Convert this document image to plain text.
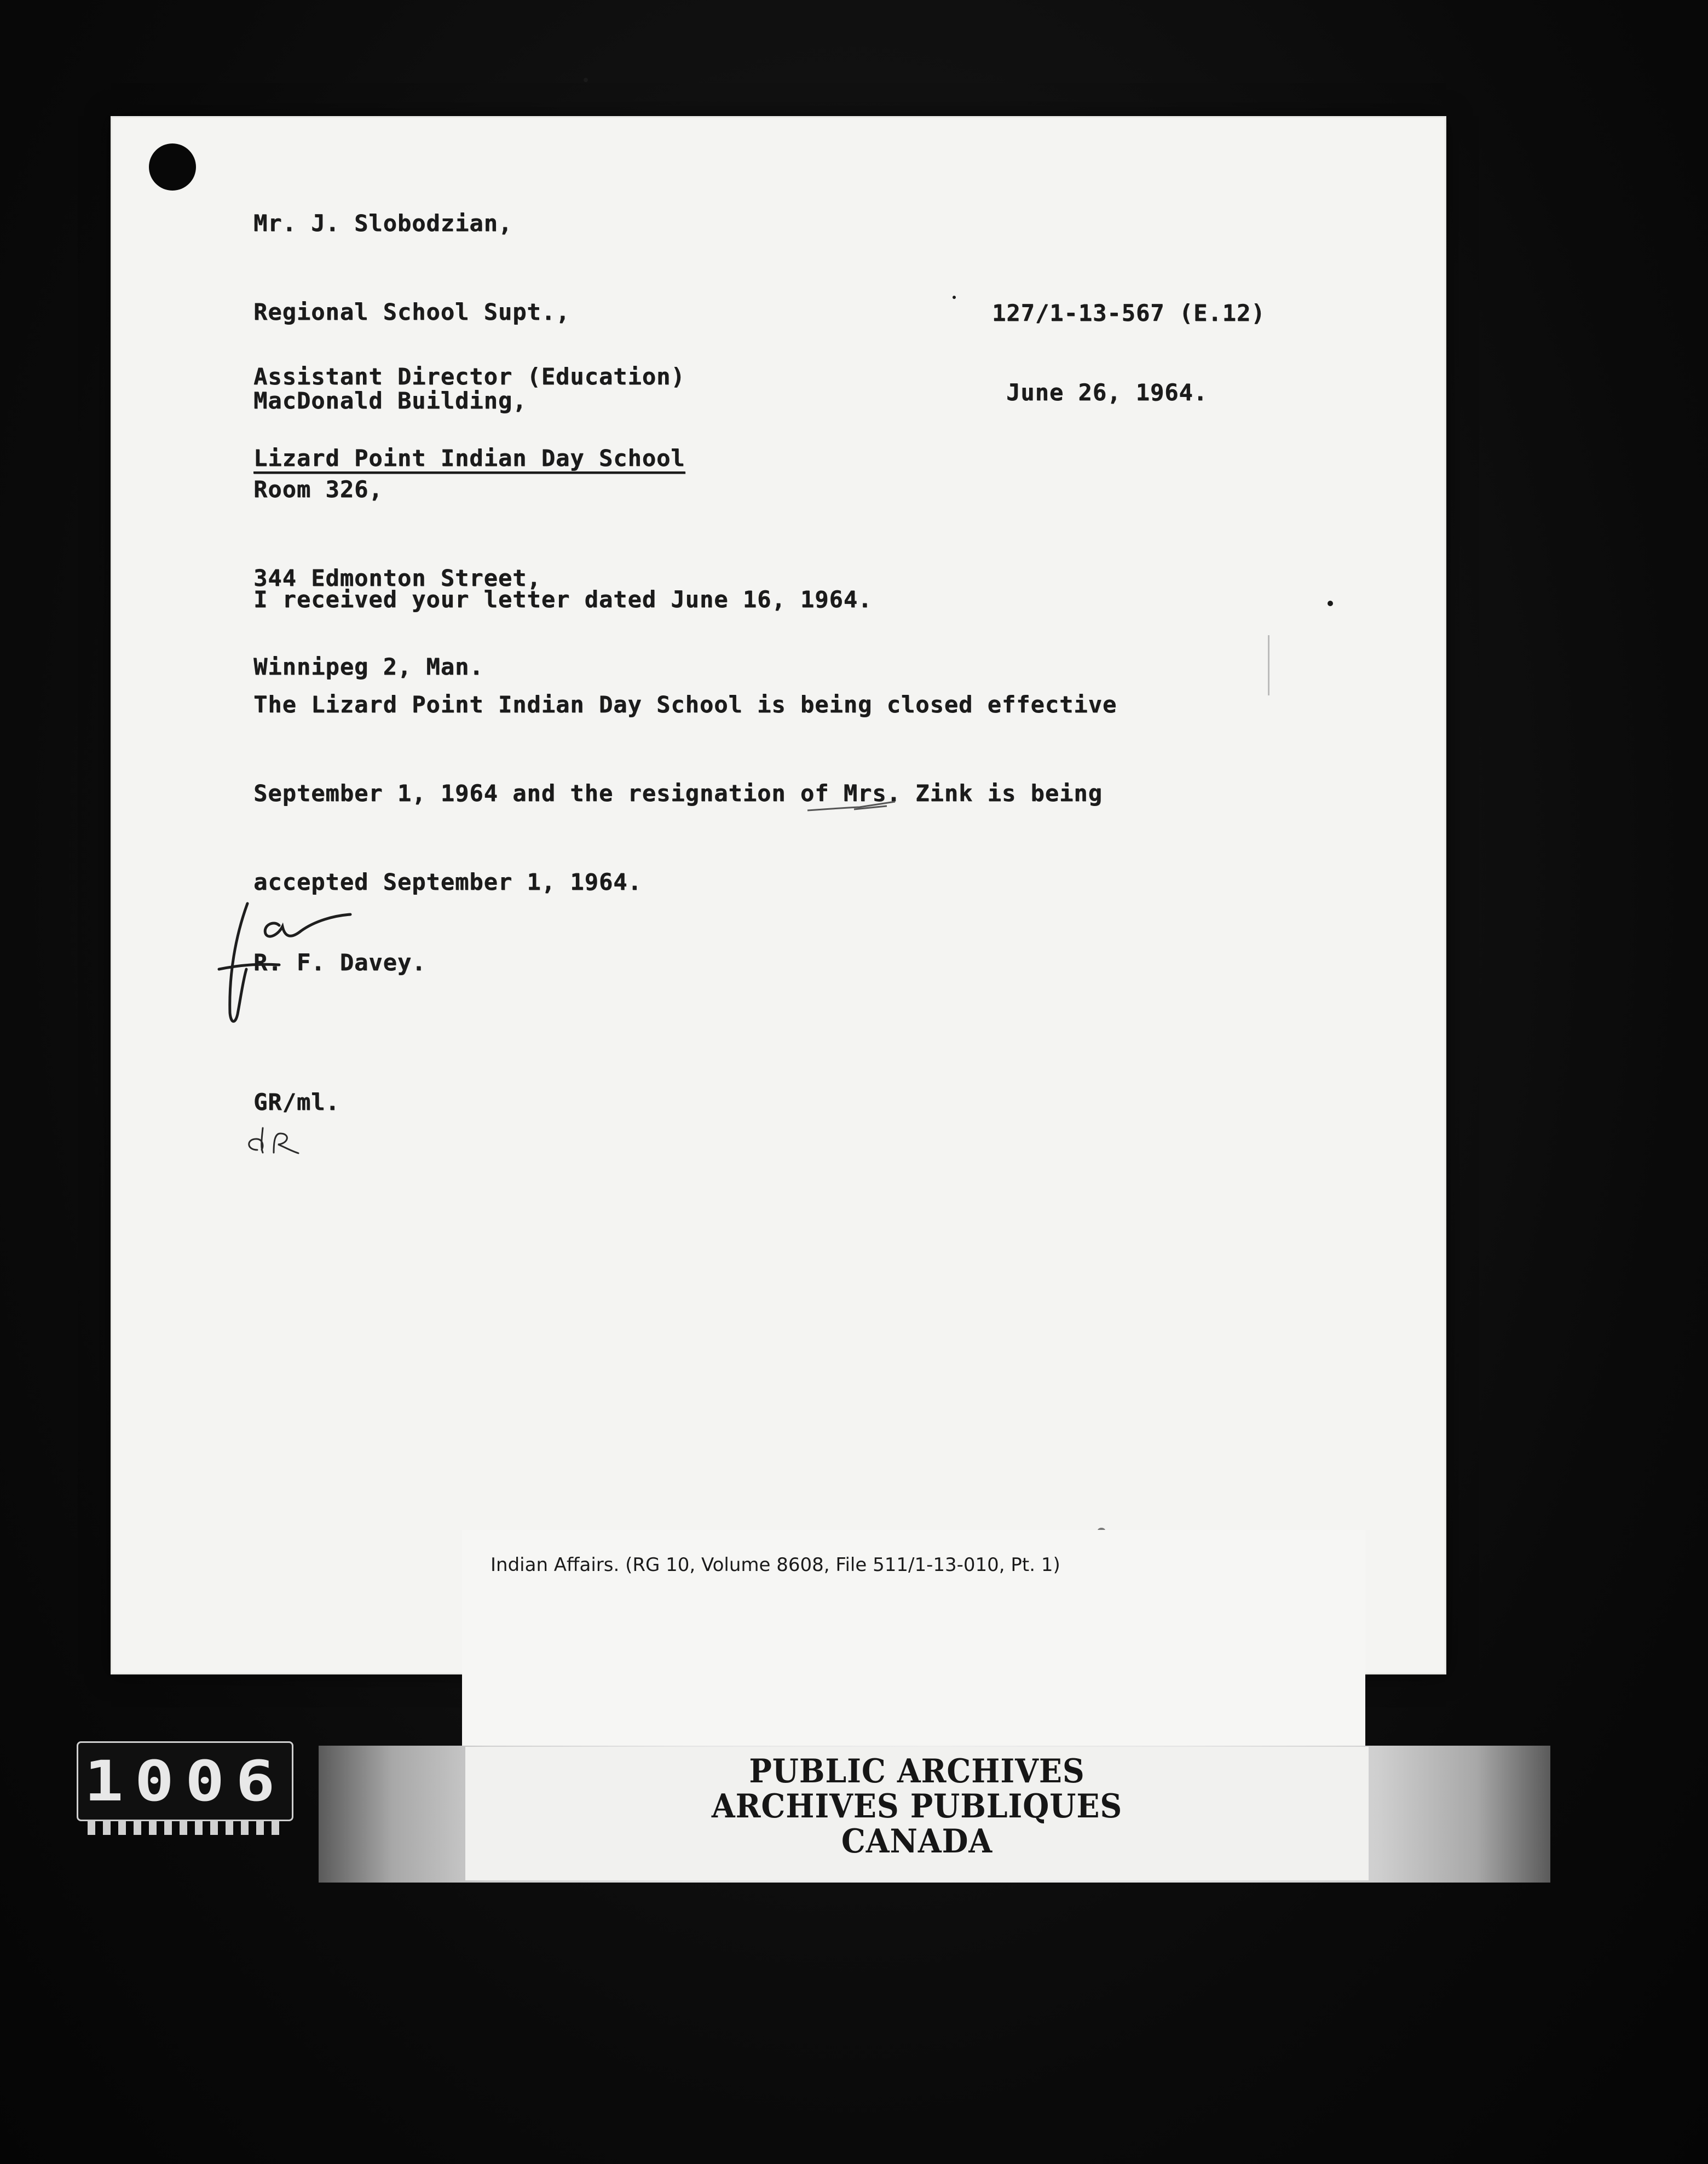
Mr. J. Slobodzian,

Regional School Supt.,

MacDonald Building,

Room 326,

344 Edmonton Street,

Winnipeg 2, Man.

127/1-13-567 (E.12)
Assistant Director (Education)
June 26, 1964.
Lizard Point Indian Day School
I received your letter dated June 16, 1964.

The Lizard Point Indian Day School is being closed effective

September 1, 1964 and the resignation of Mrs. Zink is being

accepted September 1, 1964.

R. F. Davey.
GR/ml.
Indian Affairs. (RG 10, Volume 8608, File 511/1-13-010, Pt. 1)
PUBLIC ARCHIVES
ARCHIVES PUBLIQUES
CANADA
1006
